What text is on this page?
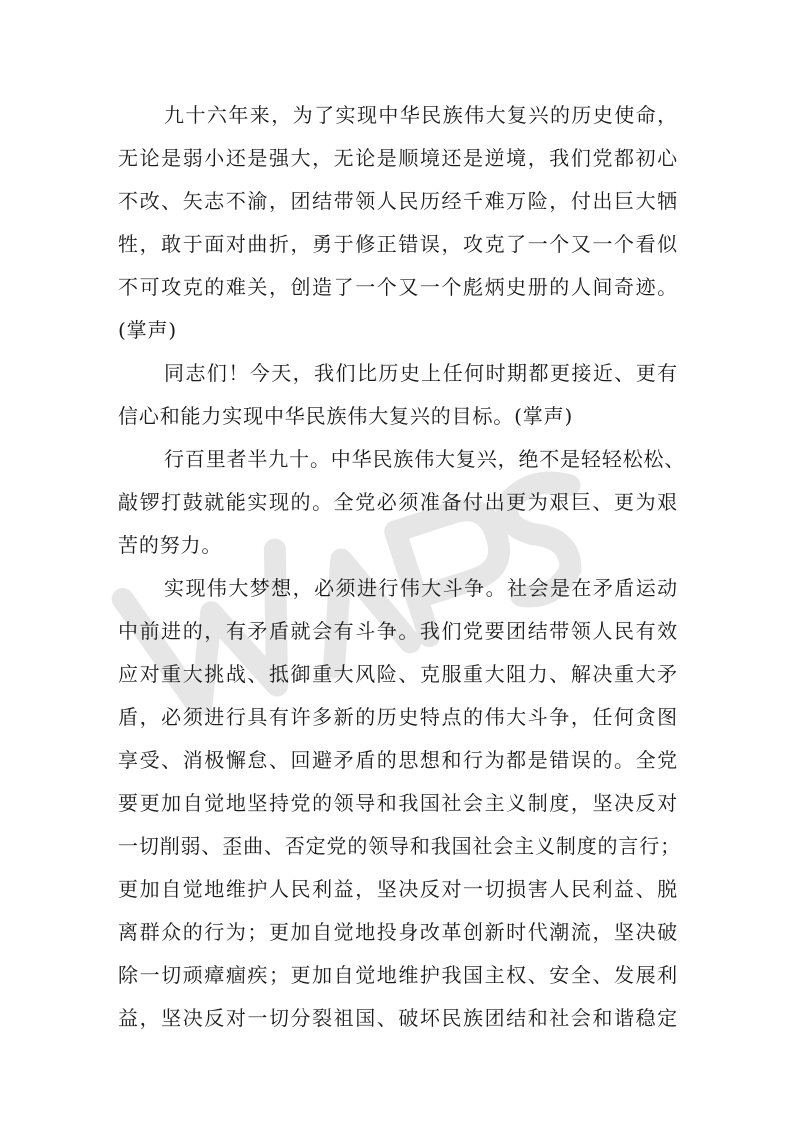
九十六年来，为了实现中华民族伟大复兴的历史使命，
无论是弱小还是强大，无论是顺境还是逆境，我们党都初心
不改、矢志不渝，团结带领人民历经千难万险，付出巨大牺
牲，敢于面对曲折，勇于修正错误，攻克了一个又一个看似
不可攻克的难关，创造了一个又一个彪炳史册的人间奇迹。
(掌声)
同志们！今天，我们比历史上任何时期都更接近、更有
信心和能力实现中华民族伟大复兴的目标。(掌声)
行百里者半九十。中华民族伟大复兴，绝不是轻轻松松、
敲锣打鼓就能实现的。全党必须准备付出更为艰巨、更为艰
苦的努力。
实现伟大梦想，必须进行伟大斗争。社会是在矛盾运动
中前进的，有矛盾就会有斗争。我们党要团结带领人民有效
应对重大挑战、抵御重大风险、克服重大阻力、解决重大矛
盾，必须进行具有许多新的历史特点的伟大斗争，任何贪图
享受、消极懈怠、回避矛盾的思想和行为都是错误的。全党
要更加自觉地坚持党的领导和我国社会主义制度，坚决反对
一切削弱、歪曲、否定党的领导和我国社会主义制度的言行；
更加自觉地维护人民利益，坚决反对一切损害人民利益、脱
离群众的行为；更加自觉地投身改革创新时代潮流，坚决破
除一切顽瘴痼疾；更加自觉地维护我国主权、安全、发展利
益，坚决反对一切分裂祖国、破坏民族团结和社会和谐稳定
